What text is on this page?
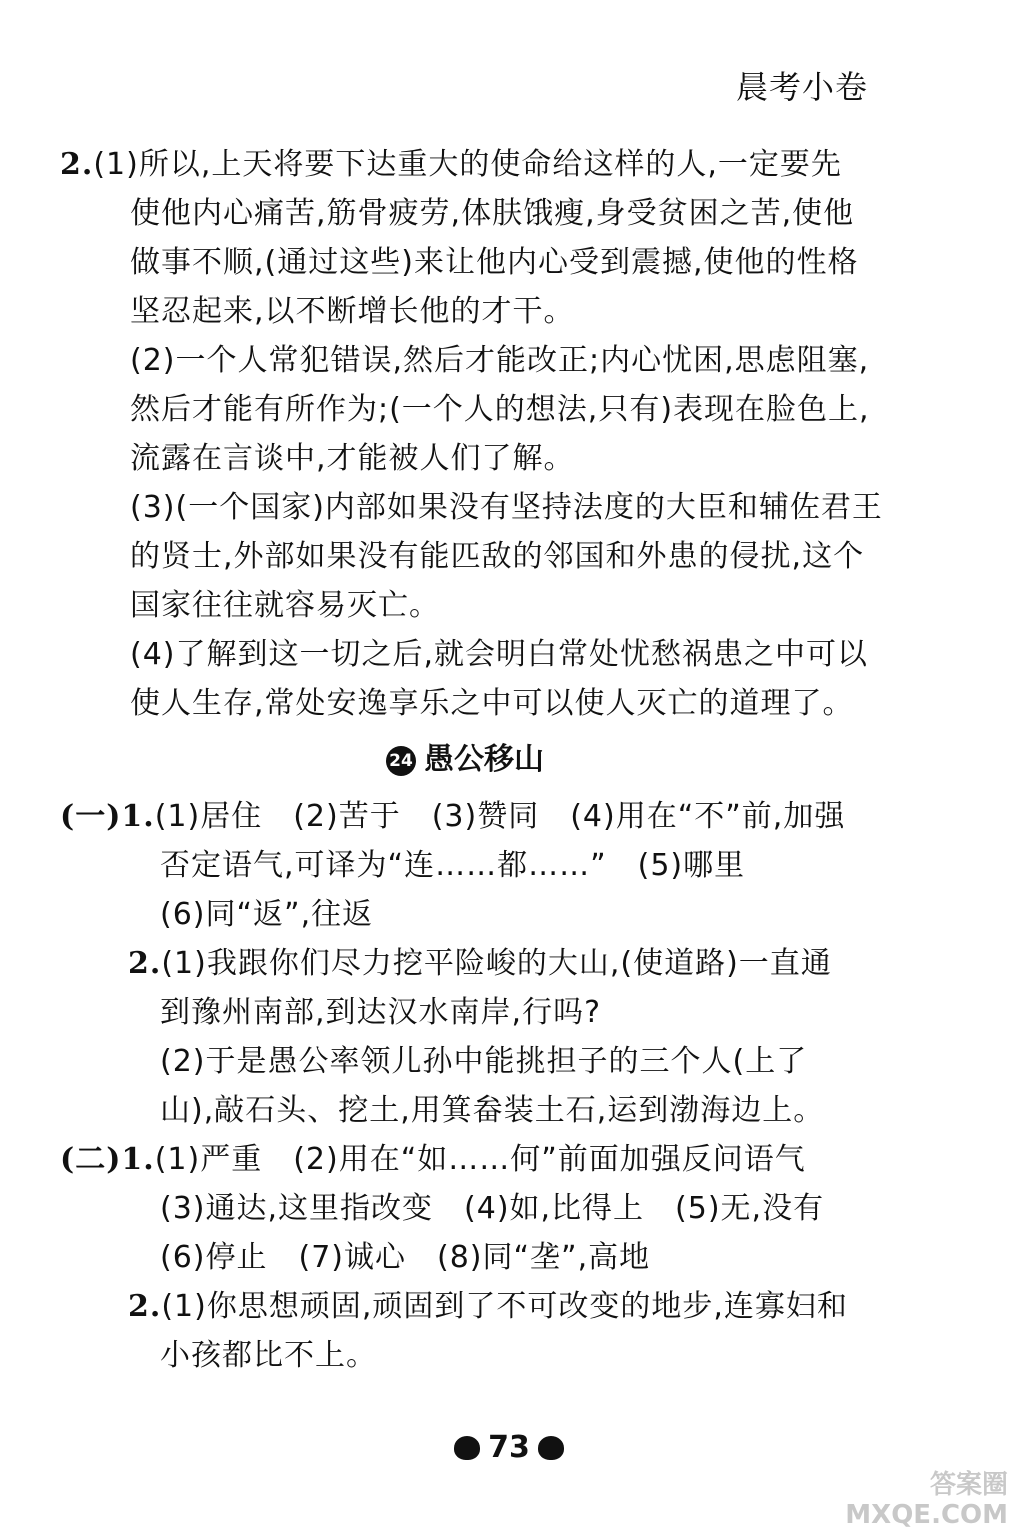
晨考小卷
2.(1)所以,上天将要下达重大的使命给这样的人,一定要先
使他内心痛苦,筋骨疲劳,体肤饿瘦,身受贫困之苦,使他
做事不顺,(通过这些)来让他内心受到震撼,使他的性格
坚忍起来,以不断增长他的才干。
(2)一个人常犯错误,然后才能改正;内心忧困,思虑阻塞,
然后才能有所作为;(一个人的想法,只有)表现在脸色上,
流露在言谈中,才能被人们了解。
(3)(一个国家)内部如果没有坚持法度的大臣和辅佐君王
的贤士,外部如果没有能匹敌的邻国和外患的侵扰,这个
国家往往就容易灭亡。
(4)了解到这一切之后,就会明白常处忧愁祸患之中可以
使人生存,常处安逸享乐之中可以使人灭亡的道理了。
24 愚公移山
(一)1.(1)居住　(2)苦于　(3)赞同　(4)用在“不”前,加强
否定语气,可译为“连……都……”　(5)哪里
(6)同“返”,往返
2.(1)我跟你们尽力挖平险峻的大山,(使道路)一直通
到豫州南部,到达汉水南岸,行吗?
(2)于是愚公率领儿孙中能挑担子的三个人(上了
山),敲石头、挖土,用箕畚装土石,运到渤海边上。
(二)1.(1)严重　(2)用在“如……何”前面加强反问语气
(3)通达,这里指改变　(4)如,比得上　(5)无,没有
(6)停止　(7)诚心　(8)同“垄”,高地
2.(1)你思想顽固,顽固到了不可改变的地步,连寡妇和
小孩都比不上。
73
答案圈
MXQE.COM
